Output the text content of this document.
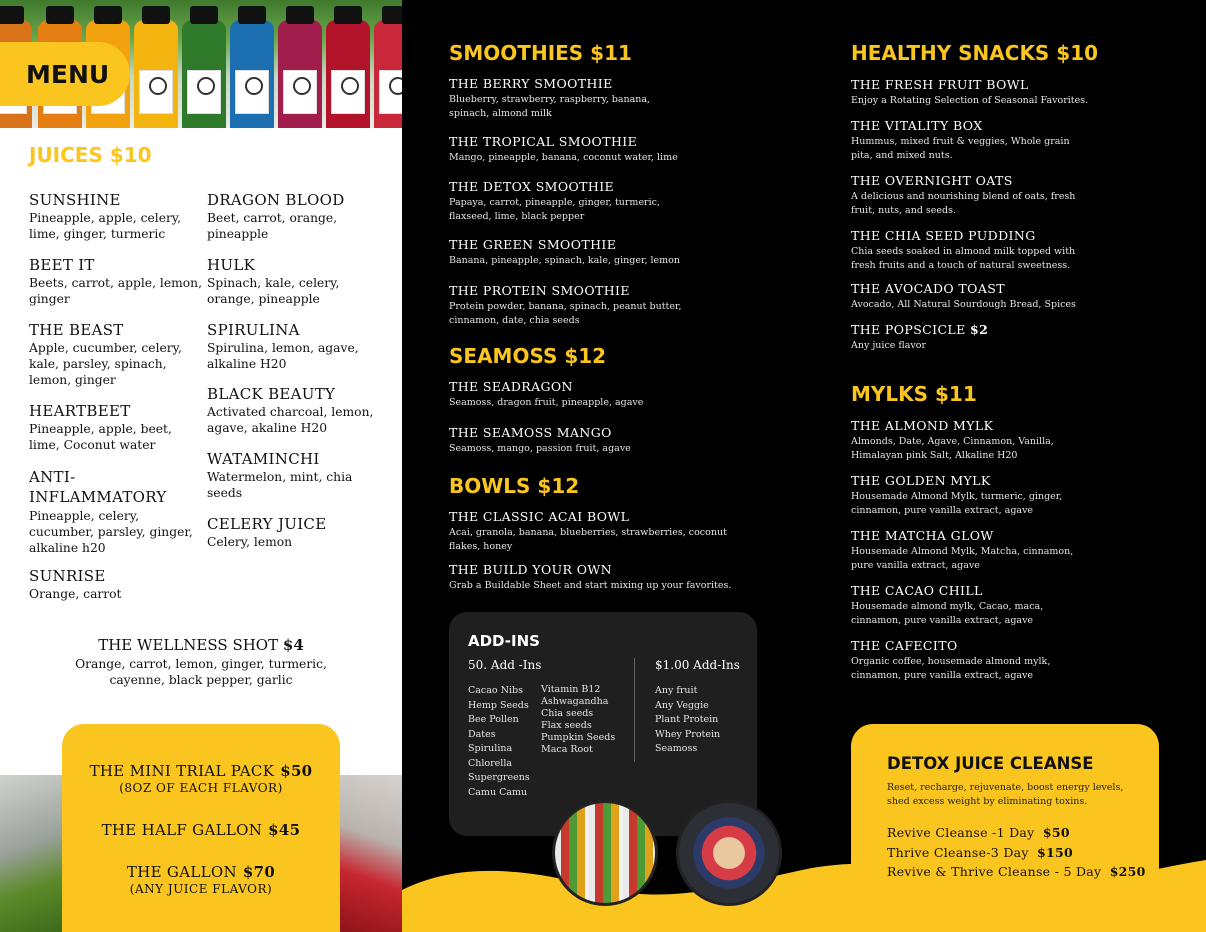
MENU
JUICES $10
SUNSHINE
Pineapple, apple, celery, lime, ginger, turmeric
BEET IT
Beets, carrot, apple, lemon, ginger
THE BEAST
Apple, cucumber, celery, kale, parsley, spinach, lemon, ginger
HEARTBEET
Pineapple, apple, beet, lime, Coconut water
ANTI-INFLAMMATORY
Pineapple, celery, cucumber, parsley, ginger, alkaline h20
SUNRISE
Orange, carrot
DRAGON BLOOD
Beet, carrot, orange, pineapple
HULK
Spinach, kale, celery, orange, pineapple
SPIRULINA
Spirulina, lemon, agave, alkaline H20
BLACK BEAUTY
Activated charcoal, lemon, agave, akaline H20
WATAMINCHI
Watermelon, mint, chia seeds
CELERY JUICE
Celery, lemon
THE WELLNESS SHOT $4
Orange, carrot, lemon, ginger, turmeric, cayenne, black pepper, garlic
THE MINI TRIAL PACK $50
(8OZ OF EACH FLAVOR)
THE HALF GALLON $45
THE GALLON $70
(ANY JUICE FLAVOR)
SMOOTHIES $11
THE BERRY SMOOTHIE
Blueberry, strawberry, raspberry, banana, spinach, almond milk
THE TROPICAL SMOOTHIE
Mango, pineapple, banana, coconut water, lime
THE DETOX SMOOTHIE
Papaya, carrot, pineapple, ginger, turmeric, flaxseed, lime, black pepper
THE GREEN SMOOTHIE
Banana, pineapple, spinach, kale, ginger, lemon
THE PROTEIN SMOOTHIE
Protein powder, banana, spinach, peanut butter, cinnamon, date, chia seeds
SEAMOSS $12
THE SEADRAGON
Seamoss, dragon fruit, pineapple, agave
THE SEAMOSS MANGO
Seamoss, mango, passion fruit, agave
BOWLS $12
THE CLASSIC ACAI BOWL
Acai, granola, banana, blueberries, strawberries, coconut flakes, honey
THE BUILD YOUR OWN
Grab a Buildable Sheet and start mixing up your favorites.
ADD-INS
50. Add -Ins
Cacao Nibs
Hemp Seeds
Bee Pollen
Dates
Spirulina
Chlorella
Supergreens
Camu Camu
Vitamin B12
Ashwagandha
Chia seeds
Flax seeds
Pumpkin Seeds
Maca Root
$1.00 Add-Ins
Any fruit
Any Veggie
Plant Protein
Whey Protein
Seamoss
HEALTHY SNACKS $10
THE FRESH FRUIT BOWL
Enjoy a Rotating Selection of Seasonal Favorites.
THE VITALITY BOX
Hummus, mixed fruit & veggies, Whole grain pita, and mixed nuts.
THE OVERNIGHT OATS
A delicious and nourishing blend of oats, fresh fruit, nuts, and seeds.
THE CHIA SEED PUDDING
Chia seeds soaked in almond milk topped with fresh fruits and a touch of natural sweetness.
THE AVOCADO TOAST
Avocado, All Natural Sourdough Bread, Spices
THE POPSCICLE $2
Any juice flavor
MYLKS $11
THE ALMOND MYLK
Almonds, Date, Agave, Cinnamon, Vanilla, Himalayan pink Salt, Alkaline H20
THE GOLDEN MYLK
Housemade Almond Mylk, turmeric, ginger, cinnamon, pure vanilla extract, agave
THE MATCHA GLOW
Housemade Almond Mylk, Matcha, cinnamon, pure vanilla extract, agave
THE CACAO CHILL
Housemade almond mylk, Cacao, maca, cinnamon, pure vanilla extract, agave
THE CAFECITO
Organic coffee, housemade almond mylk, cinnamon, pure vanilla extract, agave
DETOX JUICE CLEANSE
Reset, recharge, rejuvenate, boost energy levels, shed excess weight by eliminating toxins.
Revive Cleanse -1 Day $50
Thrive Cleanse-3 Day $150
Revive & Thrive Cleanse - 5 Day $250
